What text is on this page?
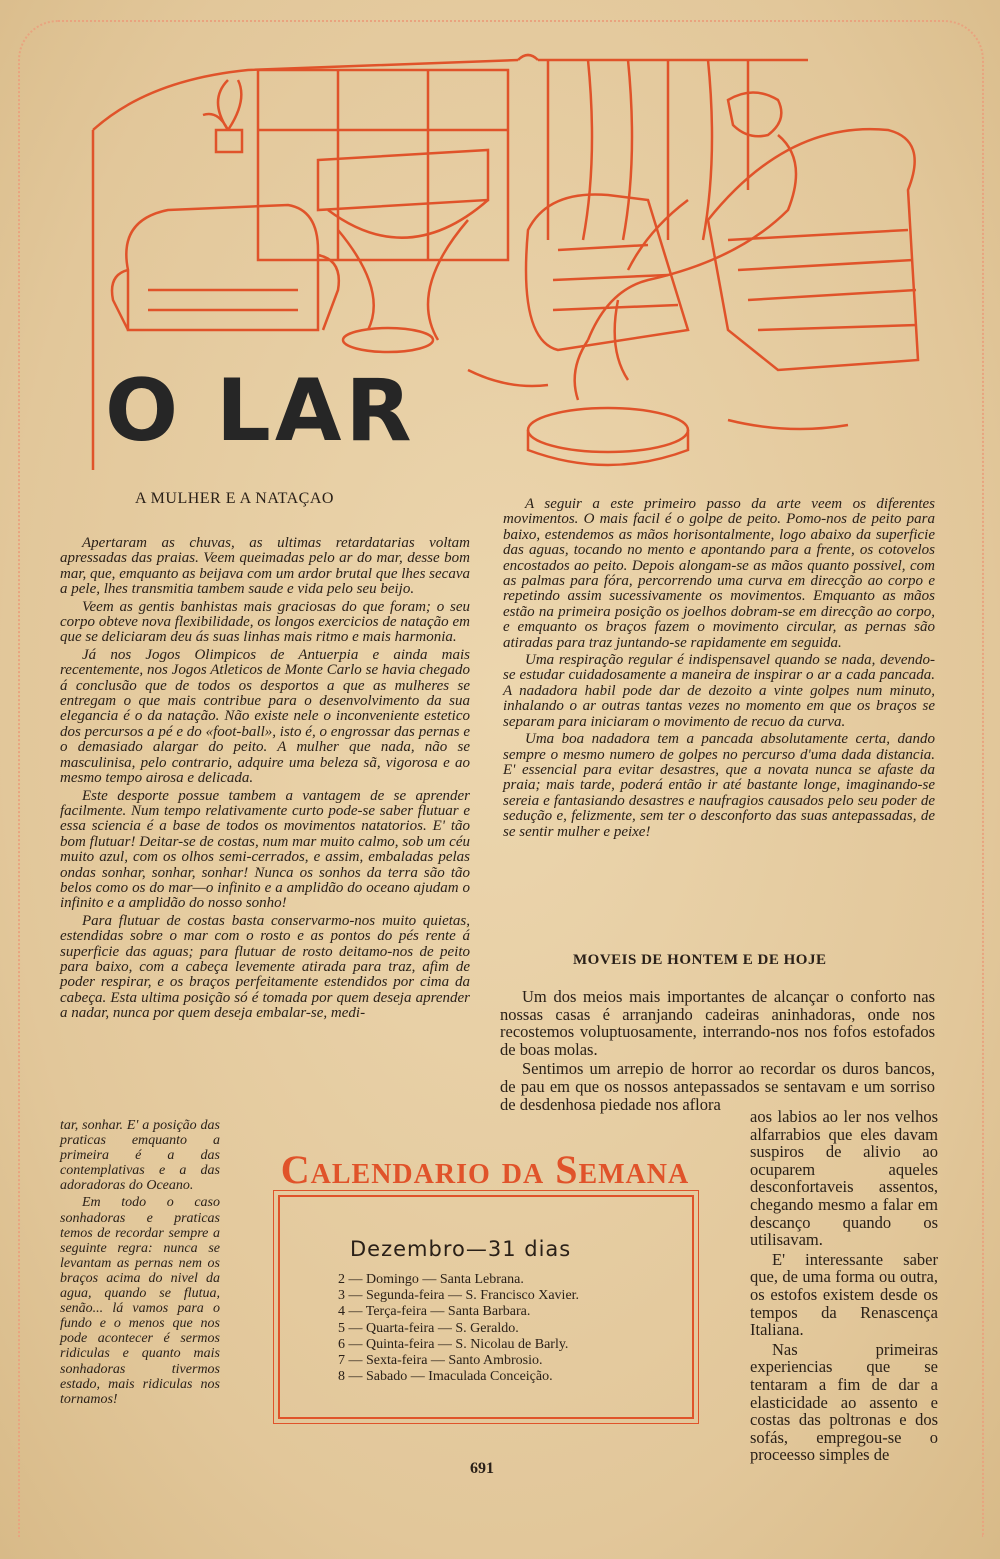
O LAR
A MULHER E A NATAÇAO

Apertaram as chuvas, as ultimas retardatarias voltam apressadas das praias. Veem queimadas pelo ar do mar, desse bom mar, que, emquanto as beijava com um ardor brutal que lhes secava a pele, lhes transmitia tambem saude e vida pelo seu beijo.

Veem as gentis banhistas mais graciosas do que foram; o seu corpo obteve nova flexibilidade, os longos exercicios de natação em que se deliciaram deu ás suas linhas mais ritmo e mais harmonia.

Já nos Jogos Olimpicos de Antuerpia e ainda mais recentemente, nos Jogos Atleticos de Monte Carlo se havia chegado á conclusão que de todos os desportos a que as mulheres se entregam o que mais contribue para o desenvolvimento da sua elegancia é o da natação. Não existe nele o inconveniente estetico dos percursos a pé e do «foot-ball», isto é, o engrossar das pernas e o demasiado alargar do peito. A mulher que nada, não se masculinisa, pelo contrario, adquire uma beleza sã, vigorosa e ao mesmo tempo airosa e delicada.

Este desporte possue tambem a vantagem de se aprender facilmente. Num tempo relativamente curto pode-se saber flutuar e essa sciencia é a base de todos os movimentos natatorios. E' tão bom flutuar! Deitar-se de costas, num mar muito calmo, sob um céu muito azul, com os olhos semi-cerrados, e assim, embaladas pelas ondas sonhar, sonhar, sonhar! Nunca os sonhos da terra são tão belos como os do mar—o infinito e a amplidão do oceano ajudam o infinito e a amplidão do nosso sonho!

Para flutuar de costas basta conservarmo-nos muito quietas, estendidas sobre o mar com o rosto e as pontos do pés rente á superficie das aguas; para flutuar de rosto deitamo-nos de peito para baixo, com a cabeça levemente atirada para traz, afim de poder respirar, e os braços perfeitamente estendidos por cima da cabeça. Esta ultima posição só é tomada por quem deseja aprender a nadar, nunca por quem deseja embalar-se, medi-

tar, sonhar. E' a posição das praticas emquanto a primeira é a das contemplativas e a das adoradoras do Oceano.

Em todo o caso sonhadoras e praticas temos de recordar sempre a seguinte regra: nunca se levantam as pernas nem os braços acima do nivel da agua, quando se flutua, senão... lá vamos para o fundo e o menos que nos pode acontecer é sermos ridiculas e quanto mais sonhadoras tivermos estado, mais ridiculas nos tornamos!

A seguir a este primeiro passo da arte veem os diferentes movimentos. O mais facil é o golpe de peito. Pomo-nos de peito para baixo, estendemos as mãos horisontalmente, logo abaixo da superficie das aguas, tocando no mento e apontando para a frente, os cotovelos encostados ao peito. Depois alongam-se as mãos quanto possivel, com as palmas para fóra, percorrendo uma curva em direcção ao corpo e repetindo assim sucessivamente os movimentos. Emquanto as mãos estão na primeira posição os joelhos dobram-se em direcção ao corpo, e emquanto os braços fazem o movimento circular, as pernas são atiradas para traz juntando-se rapidamente em seguida.

Uma respiração regular é indispensavel quando se nada, devendo-se estudar cuidadosamente a maneira de inspirar o ar a cada pancada. A nadadora habil pode dar de dezoito a vinte golpes num minuto, inhalando o ar outras tantas vezes no momento em que os braços se separam para iniciaram o movimento de recuo da curva.

Uma boa nadadora tem a pancada absolutamente certa, dando sempre o mesmo numero de golpes no percurso d'uma dada distancia. E' essencial para evitar desastres, que a novata nunca se afaste da praia; mais tarde, poderá então ir até bastante longe, imaginando-se sereia e fantasiando desastres e naufragios causados pelo seu poder de sedução e, felizmente, sem ter o desconforto das suas antepassadas, de se sentir mulher e peixe!

MOVEIS DE HONTEM E DE HOJE

Um dos meios mais importantes de alcançar o conforto nas nossas casas é arranjando cadeiras aninhadoras, onde nos recostemos voluptuosamente, interrando-nos nos fofos estofados de boas molas.

Sentimos um arrepio de horror ao recordar os duros bancos, de pau em que os nossos antepassados se sentavam e um sorriso de desdenhosa piedade nos aflora

aos labios ao ler nos velhos alfarrabios que eles davam suspiros de alivio ao ocuparem aqueles desconfortaveis assentos, chegando mesmo a falar em descanço quando os utilisavam.

E' interessante saber que, de uma forma ou outra, os estofos existem desde os tempos da Renascença Italiana.

Nas primeiras experiencias que se tentaram a fim de dar a elasticidade ao assento e costas das poltronas e dos sofás, empregou-se o proceesso simples de

Calendario da Semana
Dezembro—31 dias
2 — Domingo — Santa Lebrana.
3 — Segunda-feira — S. Francisco Xavier.
4 — Terça-feira — Santa Barbara.
5 — Quarta-feira — S. Geraldo.
6 — Quinta-feira — S. Nicolau de Barly.
7 — Sexta-feira — Santo Ambrosio.
8 — Sabado — Imaculada Conceição.
691
